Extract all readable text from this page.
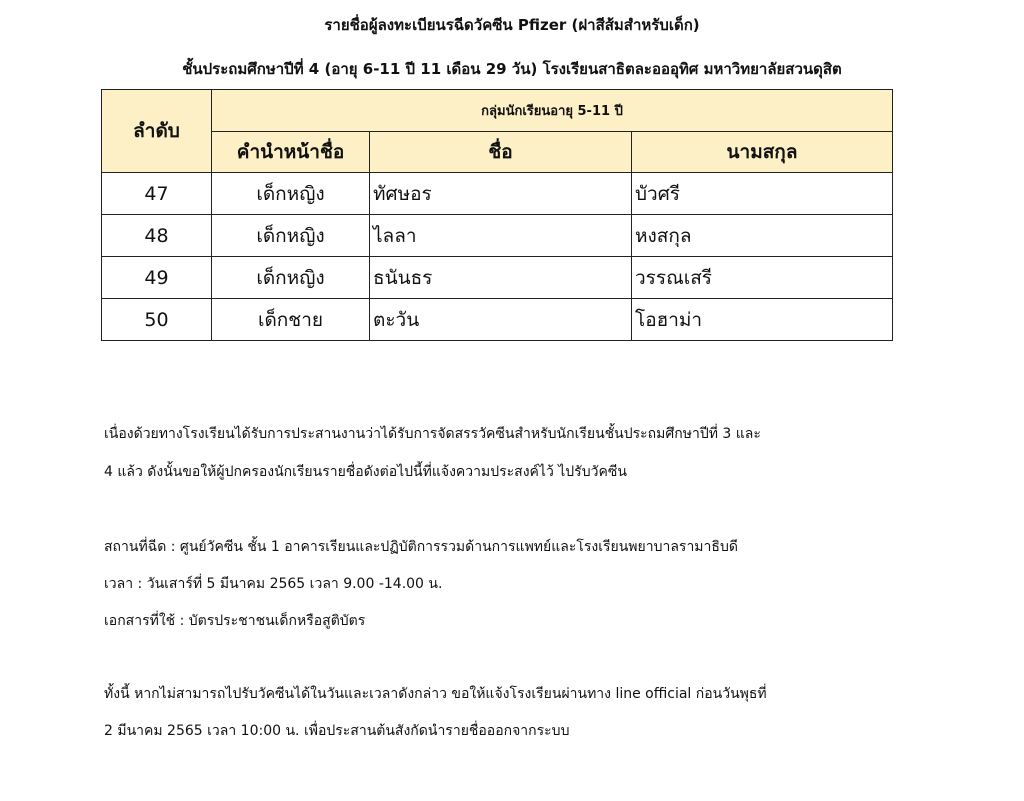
รายชื่อผู้ลงทะเบียนรฉีดวัคซีน Pfizer (ฝาสีส้มสำหรับเด็ก)
ชั้นประถมศึกษาปีที่ 4 (อายุ 6-11 ปี 11 เดือน 29 วัน) โรงเรียนสาธิตละอออุทิศ มหาวิทยาลัยสวนดุสิต
ลำดับ	กลุ่มนักเรียนอายุ 5-11 ปี		
	คำนำหน้าชื่อ	ชื่อ	นามสกุล
47	เด็กหญิง	ทัศษอร	บัวศรี
48	เด็กหญิง	ไลลา	หงสกุล
49	เด็กหญิง	ธนันธร	วรรณเสรี
50	เด็กชาย	ตะวัน	โอฮาม่า
เนื่องด้วยทางโรงเรียนได้รับการประสานงานว่าได้รับการจัดสรรวัคซีนสำหรับนักเรียนชั้นประถมศึกษาปีที่ 3 และ
4 แล้ว ดังนั้นขอให้ผู้ปกครองนักเรียนรายชื่อดังต่อไปนี้ที่แจ้งความประสงค์ไว้ ไปรับวัคซีน
สถานที่ฉีด : ศูนย์วัคซีน ชั้น 1 อาคารเรียนและปฏิบัติการรวมด้านการแพทย์และโรงเรียนพยาบาลรามาธิบดี
เวลา : วันเสาร์ที่ 5 มีนาคม 2565 เวลา 9.00 -14.00 น.
เอกสารที่ใช้ : บัตรประชาชนเด็กหรือสูติบัตร
ทั้งนี้ หากไม่สามารถไปรับวัคซีนได้ในวันและเวลาดังกล่าว ขอให้แจ้งโรงเรียนผ่านทาง line official ก่อนวันพุธที่
2 มีนาคม 2565 เวลา 10:00 น. เพื่อประสานต้นสังกัดนำรายชื่อออกจากระบบ
